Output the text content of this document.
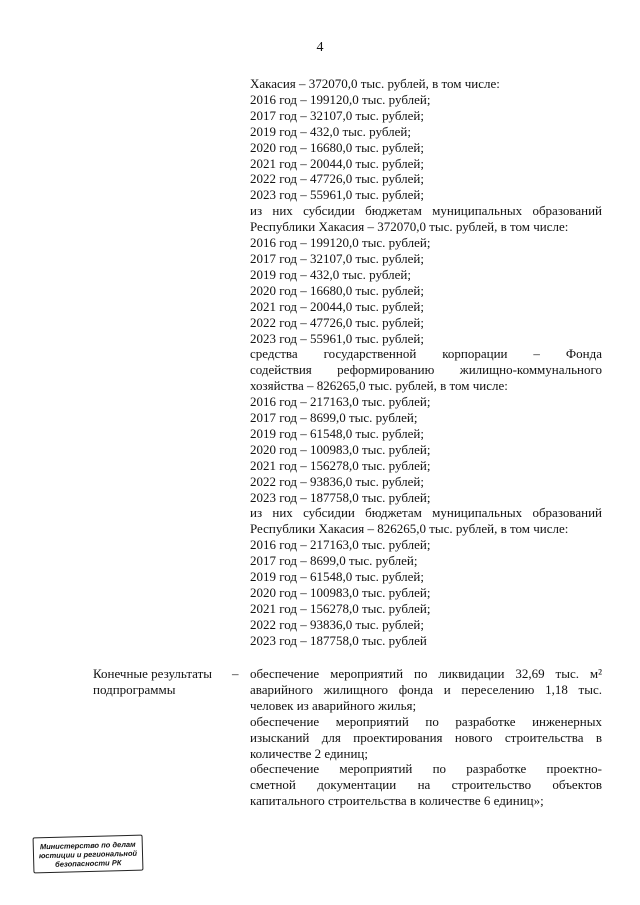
4
Хакасия – 372070,0 тыс. рублей, в том числе:
2016 год – 199120,0 тыс. рублей;
2017 год – 32107,0 тыс. рублей;
2019 год – 432,0 тыс. рублей;
2020 год – 16680,0 тыс. рублей;
2021 год – 20044,0 тыс. рублей;
2022 год – 47726,0 тыс. рублей;
2023 год – 55961,0 тыс. рублей;
из них субсидии бюджетам муниципальных образований
Республики Хакасия – 372070,0 тыс. рублей, в том числе:
2016 год – 199120,0 тыс. рублей;
2017 год – 32107,0 тыс. рублей;
2019 год – 432,0 тыс. рублей;
2020 год – 16680,0 тыс. рублей;
2021 год – 20044,0 тыс. рублей;
2022 год – 47726,0 тыс. рублей;
2023 год – 55961,0 тыс. рублей;
средства государственной корпорации – Фонда
содействия реформированию жилищно-коммунального
хозяйства – 826265,0 тыс. рублей, в том числе:
2016 год – 217163,0 тыс. рублей;
2017 год – 8699,0 тыс. рублей;
2019 год – 61548,0 тыс. рублей;
2020 год – 100983,0 тыс. рублей;
2021 год – 156278,0 тыс. рублей;
2022 год – 93836,0 тыс. рублей;
2023 год – 187758,0 тыс. рублей;
из них субсидии бюджетам муниципальных образований
Республики Хакасия – 826265,0 тыс. рублей, в том числе:
2016 год – 217163,0 тыс. рублей;
2017 год – 8699,0 тыс. рублей;
2019 год – 61548,0 тыс. рублей;
2020 год – 100983,0 тыс. рублей;
2021 год – 156278,0 тыс. рублей;
2022 год – 93836,0 тыс. рублей;
2023 год – 187758,0 тыс. рублей
Конечные результаты
подпрограммы
– обеспечение мероприятий по ликвидации 32,69 тыс. м²
аварийного жилищного фонда и переселению 1,18 тыс.
человек из аварийного жилья;
обеспечение мероприятий по разработке инженерных
изысканий для проектирования нового строительства в
количестве 2 единиц;
обеспечение мероприятий по разработке проектно-
сметной документации на строительство объектов
капитального строительства в количестве 6 единиц»;
Министерство по делам
юстиции и региональной
безопасности РК
